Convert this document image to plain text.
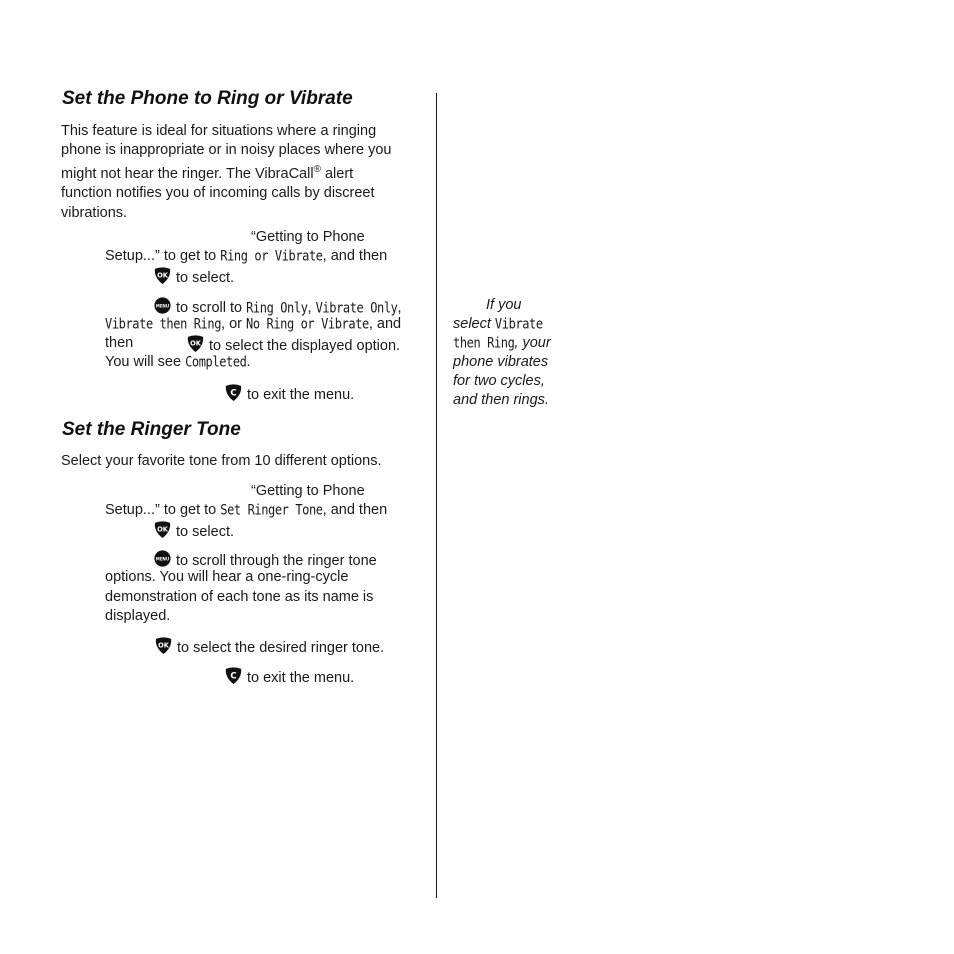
Set the Phone to Ring or Vibrate
This feature is ideal for situations where a ringing
phone is inappropriate or in noisy places where you
might not hear the ringer. The VibraCall® alert
function notifies you of incoming calls by discreet
vibrations.
“Getting to Phone
Setup...” to get to Ring or Vibrate, and then
OK to select.
MENU to scroll to Ring Only, Vibrate Only,
Vibrate then Ring, or No Ring or Vibrate, and
then	OK to select the displayed option.
You will see Completed.
C to exit the menu.
Set the Ringer Tone
Select your favorite tone from 10 different options.
“Getting to Phone
Setup...” to get to Set Ringer Tone, and then
OK to select.
MENU to scroll through the ringer tone
options. You will hear a one-ring-cycle
demonstration of each tone as its name is
displayed.
OK to select the desired ringer tone.
C to exit the menu.
If you
select Vibrate
then Ring, your
phone vibrates
for two cycles,
and then rings.
